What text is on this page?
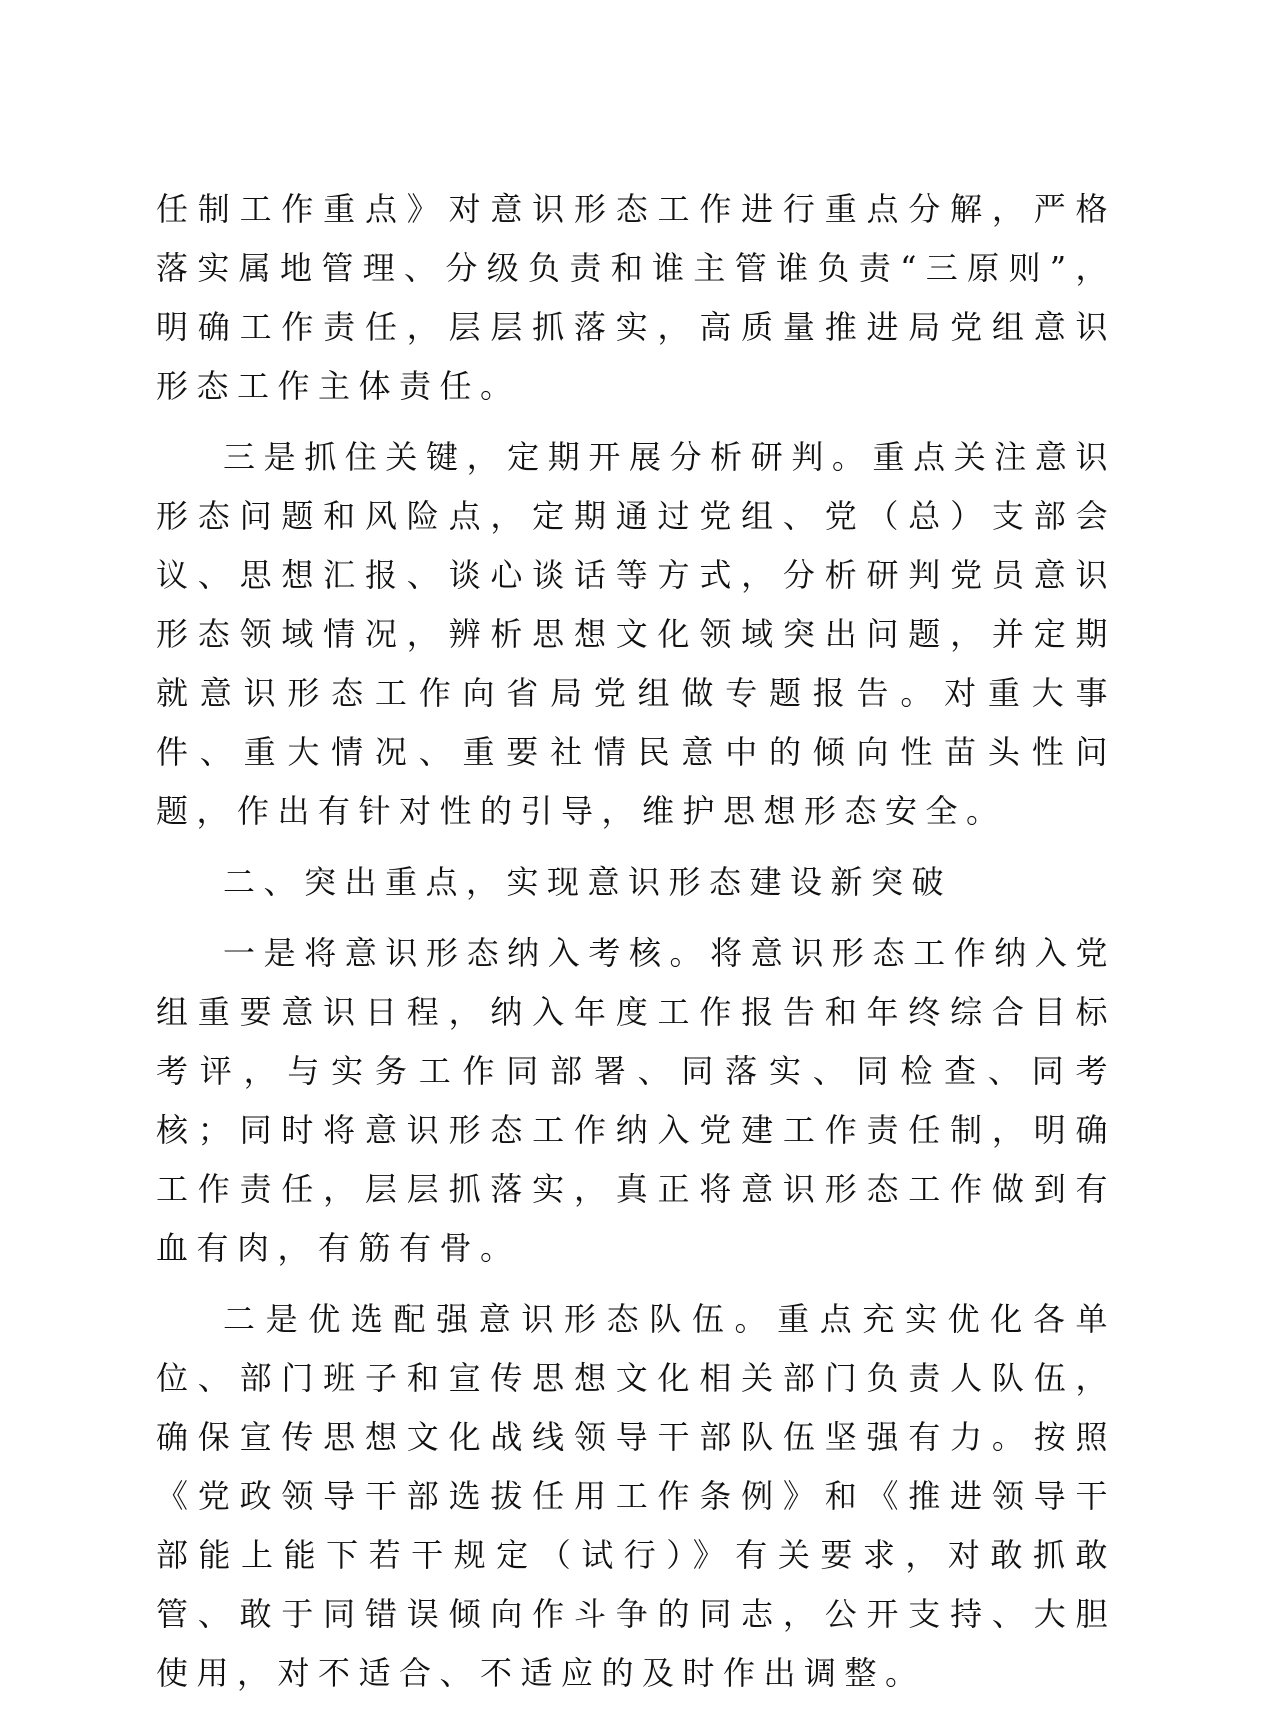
任制工作重点》对意识形态工作进行重点分解，严格落实属地管理、分级负责和谁主管谁负责“三原则”，明确工作责任，层层抓落实，高质量推进局党组意识形态工作主体责任。

三是抓住关键，定期开展分析研判。重点关注意识形态问题和风险点，定期通过党组、党（总）支部会议、思想汇报、谈心谈话等方式，分析研判党员意识形态领域情况，辨析思想文化领域突出问题，并定期就意识形态工作向省局党组做专题报告。对重大事件、重大情况、重要社情民意中的倾向性苗头性问题，作出有针对性的引导，维护思想形态安全。

二、突出重点，实现意识形态建设新突破

一是将意识形态纳入考核。将意识形态工作纳入党组重要意识日程，纳入年度工作报告和年终综合目标考评，与实务工作同部署、同落实、同检查、同考核；同时将意识形态工作纳入党建工作责任制，明确工作责任，层层抓落实，真正将意识形态工作做到有血有肉，有筋有骨。

二是优选配强意识形态队伍。重点充实优化各单位、部门班子和宣传思想文化相关部门负责人队伍，确保宣传思想文化战线领导干部队伍坚强有力。按照《党政领导干部选拔任用工作条例》和《推进领导干部能上能下若干规定（试行）》有关要求，对敢抓敢管、敢于同错误倾向作斗争的同志，公开支持、大胆使用，对不适合、不适应的及时作出调整。
